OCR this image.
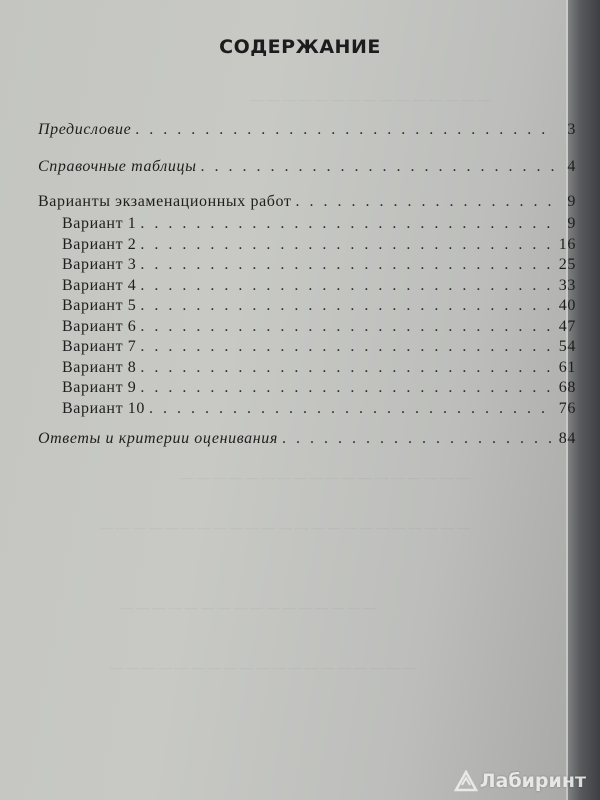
— — — — — — — — — — — — — — —
— — — — — — — — — — — — — — — — — —
— — — — — — — — — — — — — — — — — — — — — — —
— — — — — — — — — — — — — — — —
— — — — — — — — — — — — — — — — — — —
СОДЕРЖАНИЕ
Предисловие . . .	3
Справочные таблицы . . .	4
Варианты экзаменационных работ . . .	9
Вариант 1 . . .	9
Вариант 2 . . .	16
Вариант 3 . . .	25
Вариант 4 . . .	33
Вариант 5 . . .	40
Вариант 6 . . .	47
Вариант 7 . . .	54
Вариант 8 . . .	61
Вариант 9 . . .	68
Вариант 10 . . .	76
Ответы и критерии оценивания . . .	84
Лабиринт
